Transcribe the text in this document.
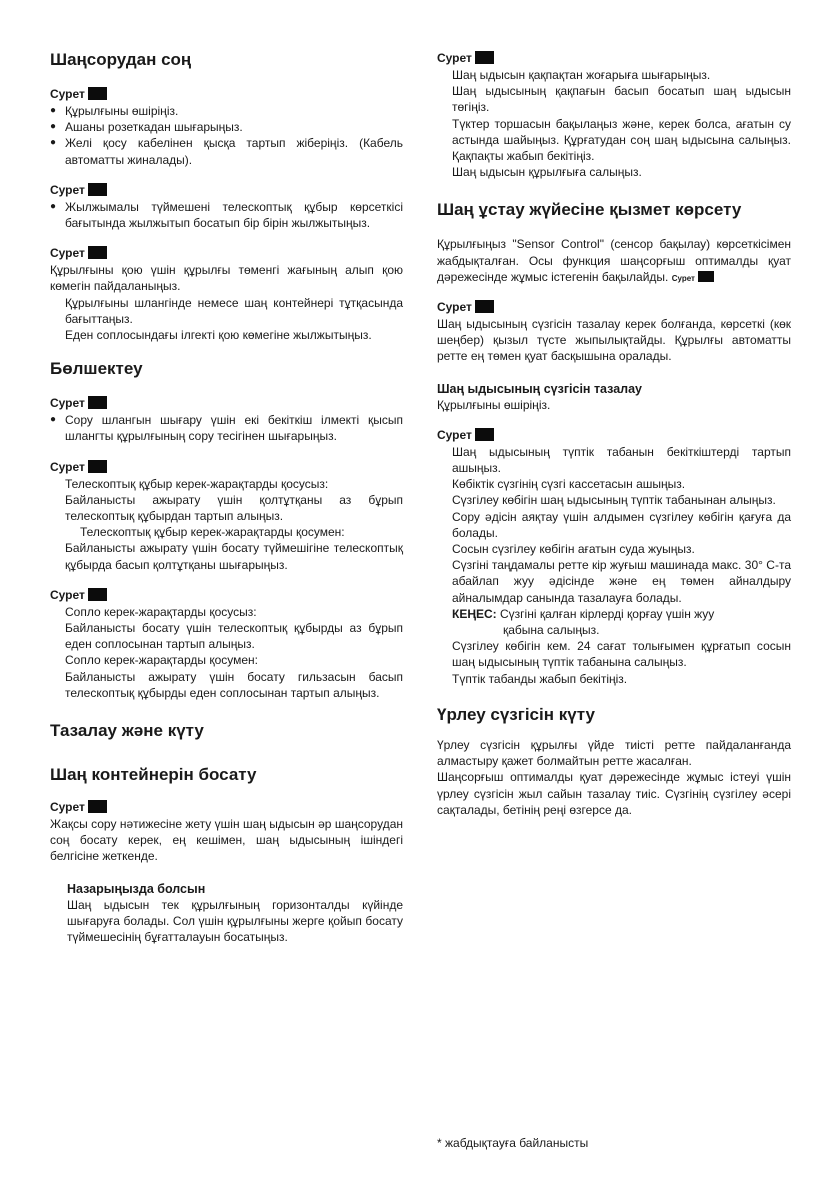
Шаңсорудан соң
Сурет
● Құрылғыны өшіріңіз.
● Ашаны розеткадан шығарыңыз.
● Желі қосу кабелінен қысқа тартып жіберіңіз. (Кабель автоматты жиналады).
Сурет
● Жылжымалы түймешені телескоптық құбыр көрсеткісі бағытында жылжытып босатып бір бірін жылжытыңыз.
Сурет

Құрылғыны қою үшін құрылғы төменгі жағының алып қою көмегін пайдаланыңыз.

Құрылғыны шлангінде немесе шаң контейнері тұтқасында бағыттаңыз.

Еден соплосындағы ілгекті қою көмегіне жылжытыңыз.

Бөлшектеу
Сурет
● Сору шлангын шығару үшін екі бекіткіш ілмекті қысып шлангты құрылғының сору тесігінен шығарыңыз.
Сурет

Телескоптық құбыр керек-жарақтарды қосусыз:

Байланысты ажырату үшін қолтұтқаны аз бұрып телескоптық құбырдан тартып алыңыз.

Телескоптық құбыр керек-жарақтарды қосумен:

Байланысты ажырату үшін босату түймешігіне телескоптық құбырда басып қолтұтқаны шығарыңыз.

Сурет

Сопло керек-жарақтарды қосусыз:

Байланысты босату үшін телескоптық құбырды аз бұрып еден соплосынан тартып алыңыз.

Сопло керек-жарақтарды қосумен:

Байланысты ажырату үшін босату гильзасын басып телескоптық құбырды еден соплосынан тартып алыңыз.

Тазалау және күту
Шаң контейнерін босату
Сурет

Жақсы сору нәтижесіне жету үшін шаң ыдысын әр шаңсорудан соң босату керек, ең кешімен, шаң ыдысының ішіндегі белгісіне жеткенде.

Назарыңызда болсын

Шаң ыдысын тек құрылғының горизонталды күйінде шығаруға болады. Сол үшін құрылғыны жерге қойып босату түймешесінің бұғатталауын босатыңыз.

Сурет

Шаң ыдысын қақпақтан жоғарыға шығарыңыз.

Шаң ыдысының қақпағын басып босатып шаң ыдысын төгіңіз.

Түктер торшасын бақылаңыз және, керек болса, ағатын су астында шайыңыз. Құрғатудан соң шаң ыдысына салыңыз. Қақпақты жабып бекітіңіз.

Шаң ыдысын құрылғыға салыңыз.

Шаң ұстау жүйесіне қызмет көрсету

Құрылғыңыз "Sensor Control" (сенсор бақылау) көрсеткісімен жабдықталған. Осы функция шаңсорғыш оптималды қуат дәрежесінде жұмыс істегенін бақылайды. Сурет

Сурет

Шаң ыдысының сүзгісін тазалау керек болғанда, көрсеткі (көк шеңбер) қызыл түсте жыпылықтайды. Құрылғы автоматты ретте ең төмен қуат басқышына оралады.

Шаң ыдысының сүзгісін тазалау

Құрылғыны өшіріңіз.

Сурет

Шаң ыдысының түптік табанын бекіткіштерді тартып ашыңыз.

Көбіктік сүзгінің сүзгі кассетасын ашыңыз.

Сүзгілеу көбігін шаң ыдысының түптік табанынан алыңыз.

Сору әдісін аяқтау үшін алдымен сүзгілеу көбігін қағуға да болады.

Сосын сүзгілеу көбігін ағатын суда жуыңыз.

Сүзгіні таңдамалы ретте кір жуғыш машинада макс. 30° C-та абайлап жуу әдісінде және ең төмен айналдыру айналымдар санында тазалауға болады.

КЕҢЕС: Сүзгіні қалған кірлерді қорғау үшін жуу

қабына салыңыз.

Сүзгілеу көбігін кем. 24 сағат толығымен құрғатып сосын шаң ыдысының түптік табанына салыңыз.

Түптік табанды жабып бекітіңіз.

Үрлеу сүзгісін күту

Үрлеу сүзгісін құрылғы үйде тиісті ретте пайдаланғанда алмастыру қажет болмайтын ретте жасалған.

Шаңсорғыш оптималды қуат дәрежесінде жұмыс істеуі үшін үрлеу сүзгісін жыл сайын тазалау тиіс. Сүзгінің сүзгілеу әсері сақталады, бетінің реңі өзгерсе да.

* жабдықтауға байланысты
